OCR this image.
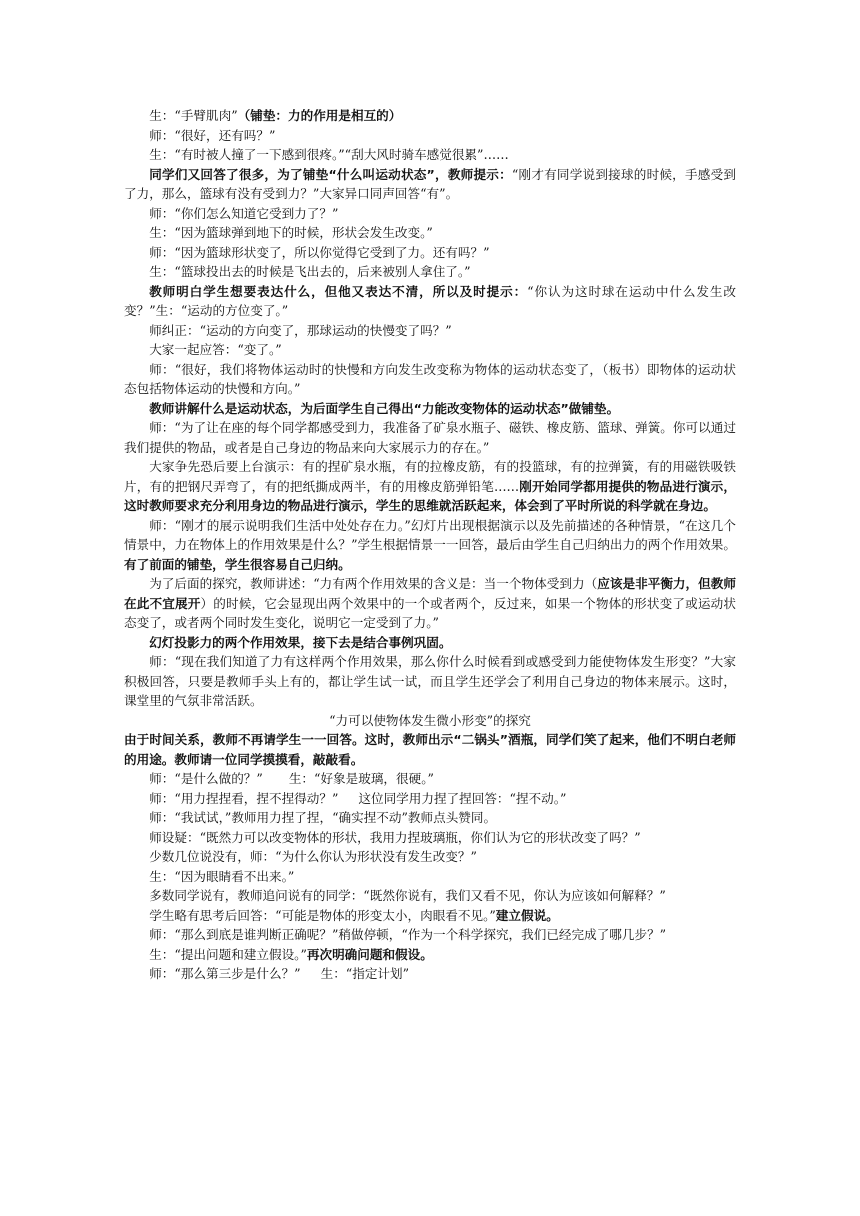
生：“手臂肌肉”（铺垫：力的作用是相互的）

师：“很好，还有吗？”

生：“有时被人撞了一下感到很疼。”“刮大风时骑车感觉很累”……

同学们又回答了很多，为了铺垫“什么叫运动状态”，教师提示：“刚才有同学说到接球的时候，手感受到了力，那么，篮球有没有受到力？”大家异口同声回答“有”。

师：“你们怎么知道它受到力了？”

生：“因为篮球弹到地下的时候，形状会发生改变。”

师：“因为篮球形状变了，所以你觉得它受到了力。还有吗？”

生：“篮球投出去的时候是飞出去的，后来被别人拿住了。”

教师明白学生想要表达什么，但他又表达不清，所以及时提示：“你认为这时球在运动中什么发生改变？”生：“运动的方位变了。”

师纠正：“运动的方向变了，那球运动的快慢变了吗？”

大家一起应答：“变了。”

师：“很好，我们将物体运动时的快慢和方向发生改变称为物体的运动状态变了，（板书）即物体的运动状态包括物体运动的快慢和方向。”

教师讲解什么是运动状态，为后面学生自己得出“力能改变物体的运动状态”做铺垫。

师：“为了让在座的每个同学都感受到力，我准备了矿泉水瓶子、磁铁、橡皮筋、篮球、弹簧。你可以通过我们提供的物品，或者是自己身边的物品来向大家展示力的存在。”

大家争先恐后要上台演示：有的捏矿泉水瓶，有的拉橡皮筋，有的投篮球，有的拉弹簧，有的用磁铁吸铁片，有的把钢尺弄弯了，有的把纸撕成两半，有的用橡皮筋弹铅笔……刚开始同学都用提供的物品进行演示，这时教师要求充分利用身边的物品进行演示，学生的思维就活跃起来，体会到了平时所说的科学就在身边。

师：“刚才的展示说明我们生活中处处存在力。”幻灯片出现根据演示以及先前描述的各种情景，“在这几个情景中，力在物体上的作用效果是什么？”学生根据情景一一回答，最后由学生自己归纳出力的两个作用效果。有了前面的铺垫，学生很容易自己归纳。

为了后面的探究，教师讲述：“力有两个作用效果的含义是：当一个物体受到力（应该是非平衡力，但教师在此不宜展开）的时候，它会显现出两个效果中的一个或者两个，反过来，如果一个物体的形状变了或运动状态变了，或者两个同时发生变化，说明它一定受到了力。”

幻灯投影力的两个作用效果，接下去是结合事例巩固。

师：“现在我们知道了力有这样两个作用效果，那么你什么时候看到或感受到力能使物体发生形变？”大家积极回答，只要是教师手头上有的，都让学生试一试，而且学生还学会了利用自己身边的物体来展示。这时，课堂里的气氛非常活跃。

“力可以使物体发生微小形变”的探究

由于时间关系，教师不再请学生一一回答。这时，教师出示“二锅头”酒瓶，同学们笑了起来，他们不明白老师的用途。教师请一位同学摸摸看，敲敲看。

师：“是什么做的？” 生：“好象是玻璃，很硬。”

师：“用力捏捏看，捏不捏得动？” 这位同学用力捏了捏回答：“捏不动。”

师：“我试试，”教师用力捏了捏，“确实捏不动”教师点头赞同。

师设疑：“既然力可以改变物体的形状，我用力捏玻璃瓶，你们认为它的形状改变了吗？”

少数几位说没有，师：“为什么你认为形状没有发生改变？”

生：“因为眼睛看不出来。”

多数同学说有，教师追问说有的同学：“既然你说有，我们又看不见，你认为应该如何解释？”

学生略有思考后回答：“可能是物体的形变太小，肉眼看不见。”建立假说。

师：“那么到底是谁判断正确呢？”稍做停顿，“作为一个科学探究，我们已经完成了哪几步？”

生：“提出问题和建立假设。”再次明确问题和假设。

师：“那么第三步是什么？” 生：“指定计划”
